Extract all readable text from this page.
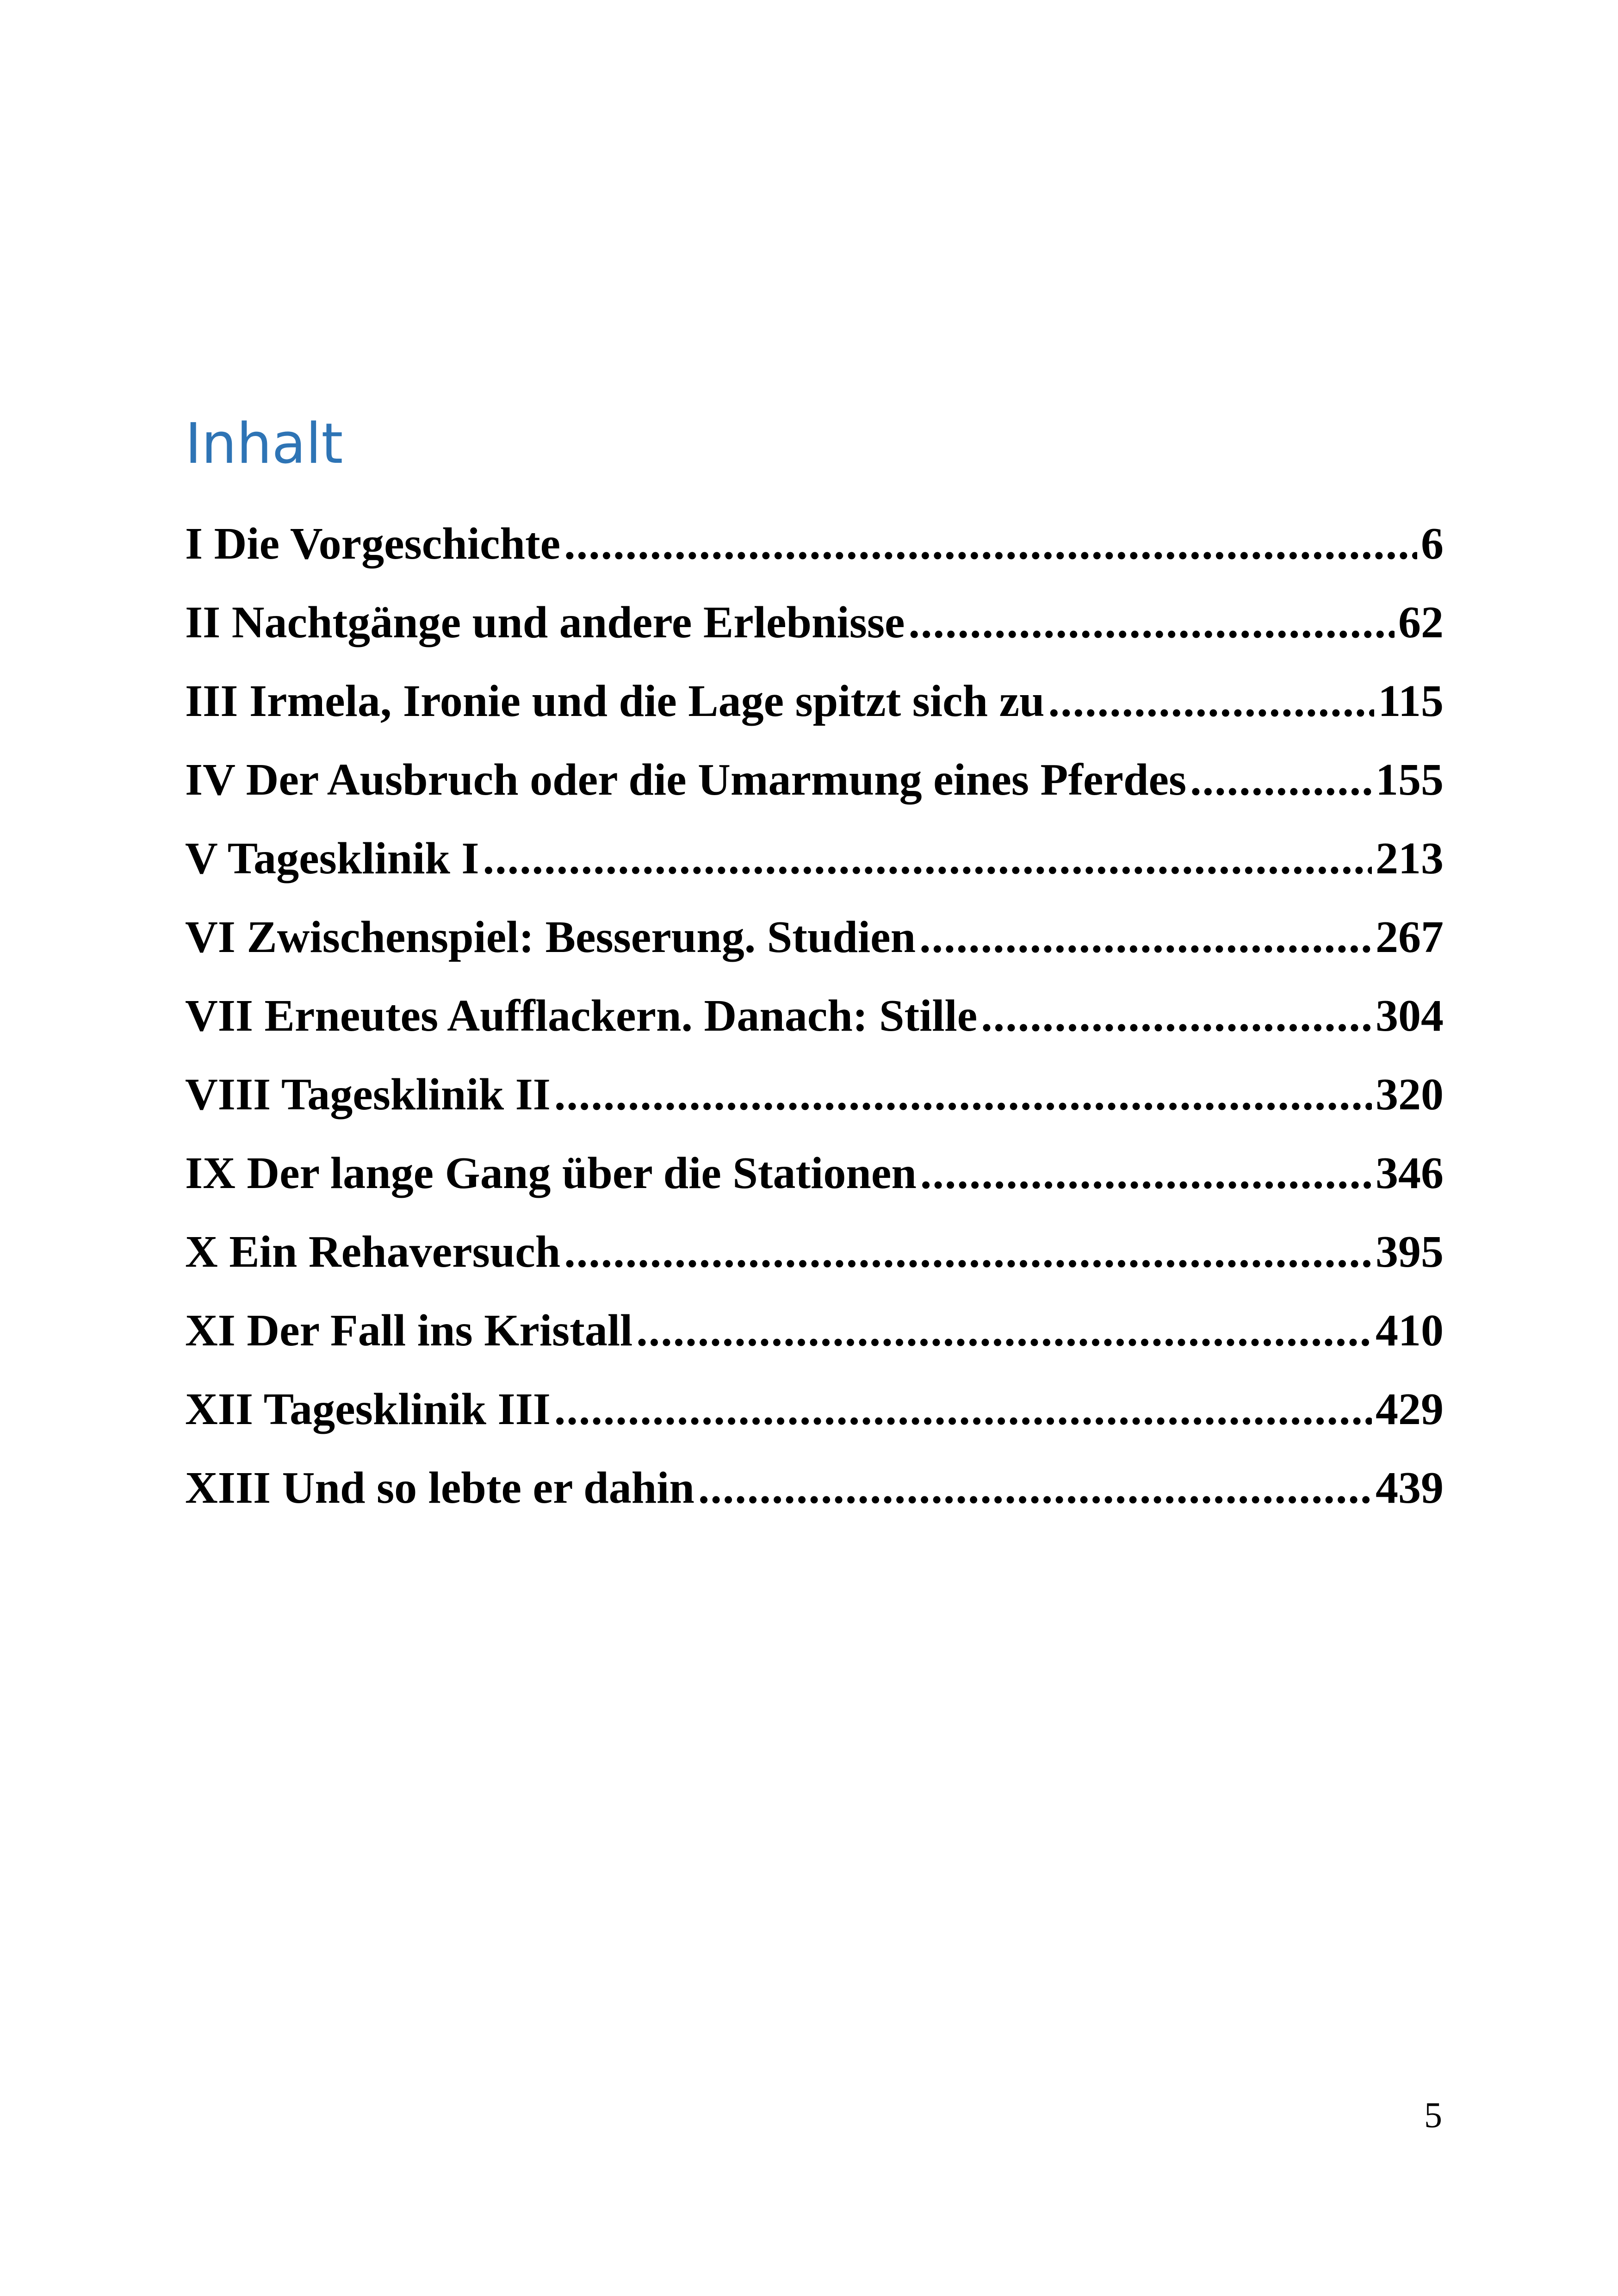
Inhalt
I Die Vorgeschichte .....	6
II Nachtgänge und andere Erlebnisse .....	62
III Irmela, Ironie und die Lage spitzt sich zu .....	115
IV Der Ausbruch oder die Umarmung eines Pferdes .....	155
V Tagesklinik I .....	213
VI Zwischenspiel: Besserung. Studien .....	267
VII Erneutes Aufflackern. Danach: Stille .....	304
VIII Tagesklinik II .....	320
IX Der lange Gang über die Stationen .....	346
X Ein Rehaversuch .....	395
XI Der Fall ins Kristall .....	410
XII Tagesklinik III .....	429
XIII Und so lebte er dahin .....	439
5
